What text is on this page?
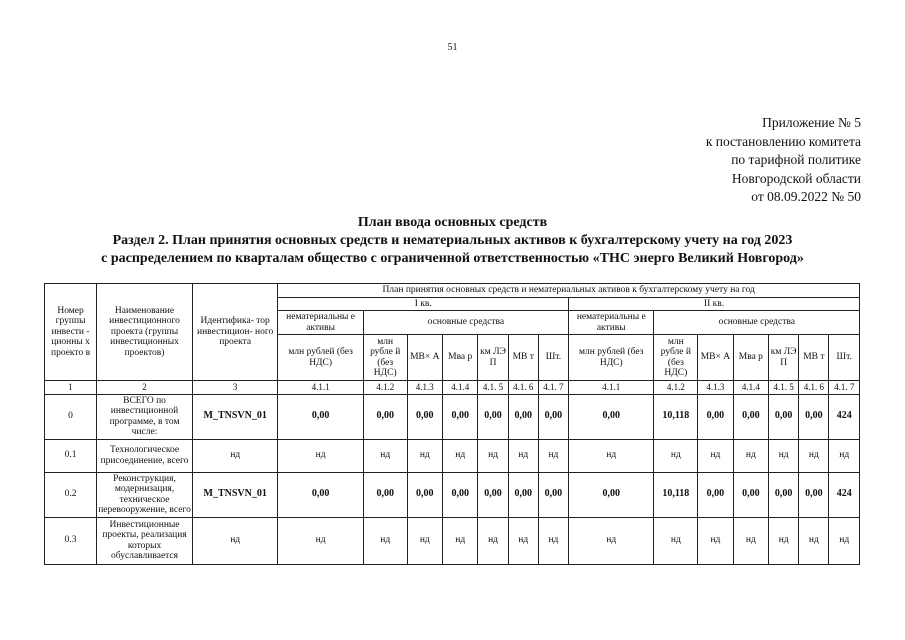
51
Приложение № 5
к постановлению комитета
по тарифной политике
Новгородской области
от 08.09.2022 № 50
План ввода основных средств
Раздел 2. План принятия основных средств и нематериальных активов к бухгалтерскому учету на год 2023
с распределением по кварталам общество с ограниченной ответственностью «ТНС энерго Великий Новгород»
Номер группы инвести - ционны х проекто в	Наименование инвестиционного проекта (группы инвестиционных проектов)	Идентифика- тор инвестицион- ного проекта	План принятия основных средств и нематериальных активов к бухгалтерскому учету на год													
			I кв.							II кв.						
			нематериальны е активы	основные средства						нематериальны е активы	основные средства					
			млн рублей (без НДС)	млн рубле й (без НДС)	МВ× А	Мва р	км ЛЭ П	МВ т	Шт.	млн рублей (без НДС)	млн рубле й (без НДС)	МВ× А	Мва р	км ЛЭ П	МВ т	Шт.
1	2	3	4.1.1	4.1.2	4.1.3	4.1.4	4.1. 5	4.1. 6	4.1. 7	4.1.1	4.1.2	4.1.3	4.1.4	4.1. 5	4.1. 6	4.1. 7
0	ВСЕГО по инвестиционной программе, в том числе:	M_TNSVN_01	0,00	0,00	0,00	0,00	0,00	0,00	0,00	0,00	10,118	0,00	0,00	0,00	0,00	424
0.1	Технологическое присоединение, всего	нд	нд	нд	нд	нд	нд	нд	нд	нд	нд	нд	нд	нд	нд	нд
0.2	Реконструкция, модернизация, техническое перевооружение, всего	M_TNSVN_01	0,00	0,00	0,00	0,00	0,00	0,00	0,00	0,00	10,118	0,00	0,00	0,00	0,00	424
0.3	Инвестиционные проекты, реализация которых обуславливается	нд	нд	нд	нд	нд	нд	нд	нд	нд	нд	нд	нд	нд	нд	нд
